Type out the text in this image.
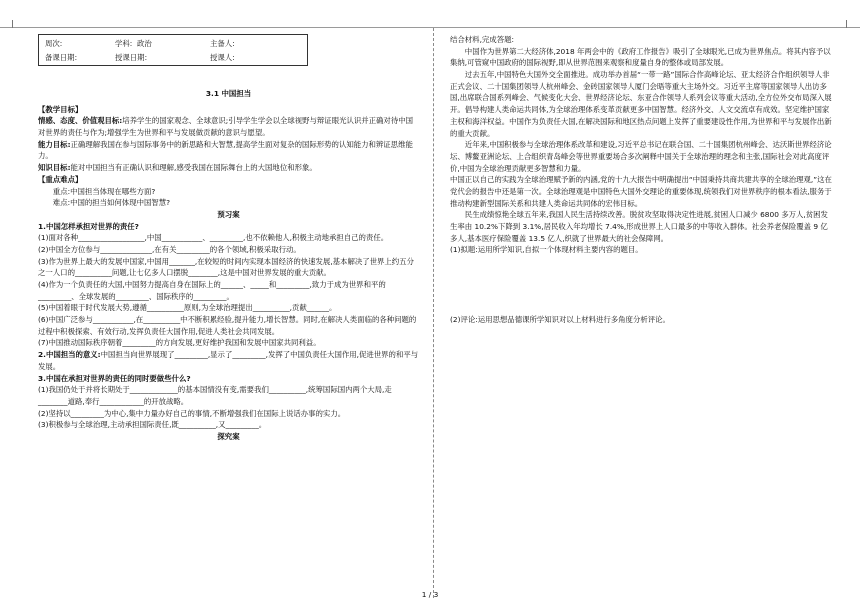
周次:	学科:  政治	主备人:
备课日期:	授课日期:	授课人:
3.1 中国担当

【教学目标】

情感、态度、价值观目标:培养学生的国家观念、全球意识;引导学生学会以全球视野与辩证眼光认识并正确对待中国对世界的责任与作为;增强学生为世界和平与发展做贡献的意识与愿望。

能力目标:正确理解我国在参与国际事务中的新思路和大智慧,提高学生面对复杂的国际形势的认知能力和辨证思维能力。

知识目标:能对中国担当有正确认识和理解,感受我国在国际舞台上的大国地位和形象。

【重点难点】

重点:中国担当体现在哪些方面?

难点:中国的担当如何体现中国智慧?

预习案

1.中国怎样承担对世界的责任?

(1)面对各种__________________,中国___________、_________,也不依赖他人,积极主动地承担自己的责任。

(2)中国全方位参与______________,在有关_________的各个领域,积极采取行动。

(3)作为世界上最大的发展中国家,中国用_______,在较短的时间内实现本国经济的快速发展,基本解决了世界上约五分之一人口的__________问题,让七亿多人口摆脱________,这是中国对世界发展的重大贡献。

(4)作为一个负责任的大国,中国努力提高自身在国际上的______、_____和_________,致力于成为世界和平的_________、全球发展的_________、国际秩序的_________。

(5)中国着眼于时代发展大势,遵循__________原则,为全球治理提出__________,贡献______。

(6)中国广泛参与___________,在__________中不断积累经验,提升能力,增长智慧。同时,在解决人类面临的各种问题的过程中积极探索、有效行动,发挥负责任大国作用,促进人类社会共同发展。

(7)中国推动国际秩序朝着_________的方向发展,更好维护我国和发展中国家共同利益。

2.中国担当的意义:中国担当向世界展现了_________,显示了_________,发挥了中国负责任大国作用,促进世界的和平与发展。

3.中国在承担对世界的责任的同时要做些什么?

(1)我国仍处于并将长期处于_____________的基本国情没有变,需要我们__________,统筹国际国内两个大局,走________道路,奉行____________的开放战略。

(2)坚持以_________为中心,集中力量办好自己的事情,不断增强我们在国际上说话办事的实力。

(3)积极参与全球治理,主动承担国际责任,既__________,又_________。

探究案

结合材料,完成答题:

中国作为世界第二大经济体,2018 年两会中的《政府工作报告》吸引了全球眼光,已成为世界焦点。将其内容予以集纳,可管窥中国政府的国际视野,即从世界范围来观察和度量自身的整体或局部发展。

过去五年,中国特色大国外交全面推进。成功举办首届“一带一路”国际合作高峰论坛、亚太经济合作组织领导人非正式会议、二十国集团领导人杭州峰会、金砖国家领导人厦门会晤等重大主场外交。习近平主席等国家领导人出访多国,出席联合国系列峰会、气候变化大会、世界经济论坛、东亚合作领导人系列会议等重大活动,全方位外交布局深入展开。倡导构建人类命运共同体,为全球治理体系变革贡献更多中国智慧。经济外交、人文交流卓有成效。坚定维护国家主权和海洋权益。中国作为负责任大国,在解决国际和地区热点问题上发挥了重要建设性作用,为世界和平与发展作出新的重大贡献。

近年来,中国积极参与全球治理体系改革和建设,习近平总书记在联合国、二十国集团杭州峰会、达沃斯世界经济论坛、博鳌亚洲论坛、上合组织青岛峰会等世界重要场合多次阐释中国关于全球治理的理念和主张,国际社会对此高度评价,中国为全球治理贡献更多智慧和力量。

中国正以自己的实践为全球治理赋予新的内涵,党的十九大报告中明确提出“中国秉持共商共建共享的全球治理观,”这在党代会的报告中还是第一次。全球治理观是中国特色大国外交理论的重要体现,统领我们对世界秩序的根本看法,服务于推动构建新型国际关系和共建人类命运共同体的宏伟目标。

民生成绩惊艳全球五年来,我国人民生活持续改善。脱贫攻坚取得决定性进展,贫困人口减少 6800 多万人,贫困发生率由 10.2%下降到 3.1%,居民收入年均增长 7.4%,形成世界上人口最多的中等收入群体。社会养老保险覆盖 9 亿多人,基本医疗保险覆盖 13.5 亿人,织就了世界最大的社会保障网。

(1)拟题:运用所学知识,自拟一个体现材料主要内容的题目。

(2)评论:运用思想品德课所学知识对以上材料进行多角度分析评论。

1 / 3
